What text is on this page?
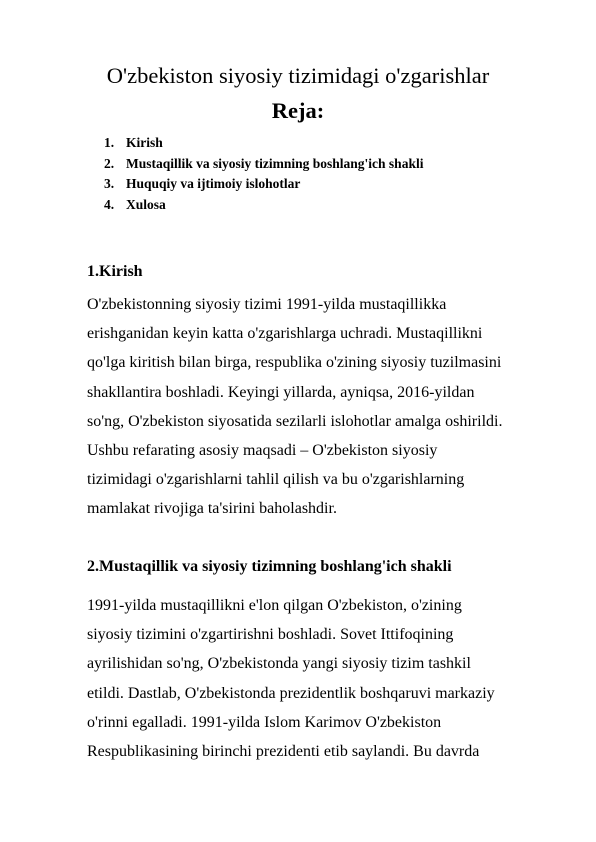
O'zbekiston siyosiy tizimidagi o'zgarishlar
Reja:
1. Kirish
2. Mustaqillik va siyosiy tizimning boshlang'ich shakli
3. Huquqiy va ijtimoiy islohotlar
4. Xulosa
1.Kirish
O'zbekistonning siyosiy tizimi 1991-yilda mustaqillikka
erishganidan keyin katta o'zgarishlarga uchradi. Mustaqillikni
qo'lga kiritish bilan birga, respublika o'zining siyosiy tuzilmasini
shakllantira boshladi. Keyingi yillarda, ayniqsa, 2016-yildan
so'ng, O'zbekiston siyosatida sezilarli islohotlar amalga oshirildi.
Ushbu refarating asosiy maqsadi – O'zbekiston siyosiy
tizimidagi o'zgarishlarni tahlil qilish va bu o'zgarishlarning
mamlakat rivojiga ta'sirini baholashdir.
2.Mustaqillik va siyosiy tizimning boshlang'ich shakli
1991-yilda mustaqillikni e'lon qilgan O'zbekiston, o'zining
siyosiy tizimini o'zgartirishni boshladi. Sovet Ittifoqining
ayrilishidan so'ng, O'zbekistonda yangi siyosiy tizim tashkil
etildi. Dastlab, O'zbekistonda prezidentlik boshqaruvi markaziy
o'rinni egalladi. 1991-yilda Islom Karimov O'zbekiston
Respublikasining birinchi prezidenti etib saylandi. Bu davrda
